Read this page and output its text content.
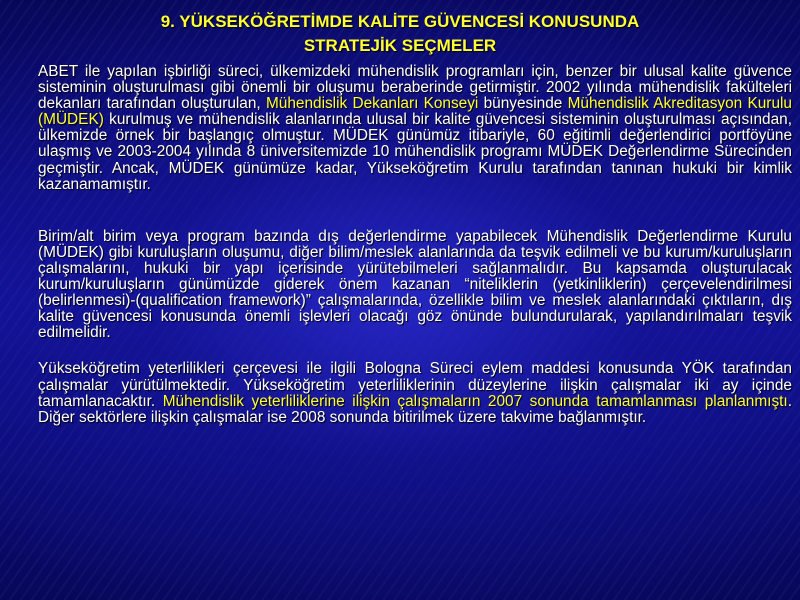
9. YÜKSEKÖĞRETİMDE KALİTE GÜVENCESİ KONUSUNDA
STRATEJİK SEÇMELER

ABET ile yapılan işbirliği süreci, ülkemizdeki mühendislik programları için, benzer bir ulusal kalite güvence sisteminin oluşturulması gibi önemli bir oluşumu beraberinde getirmiştir. 2002 yılında mühendislik fakülteleri dekanları tarafından oluşturulan, Mühendislik Dekanları Konseyi bünyesinde Mühendislik Akreditasyon Kurulu (MÜDEK) kurulmuş ve mühendislik alanlarında ulusal bir kalite güvencesi sisteminin oluşturulması açısından, ülkemizde örnek bir başlangıç olmuştur. MÜDEK günümüz itibariyle, 60 eğitimli değerlendirici portföyüne ulaşmış ve 2003-2004 yılında 8 üniversitemizde 10 mühendislik programı MÜDEK Değerlendirme Sürecinden geçmiştir. Ancak, MÜDEK günümüze kadar, Yükseköğretim Kurulu tarafından tanınan hukuki bir kimlik kazanamamıştır.

Birim/alt birim veya program bazında dış değerlendirme yapabilecek Mühendislik Değerlendirme Kurulu (MÜDEK) gibi kuruluşların oluşumu, diğer bilim/meslek alanlarında da teşvik edilmeli ve bu kurum/kuruluşların çalışmalarını, hukuki bir yapı içerisinde yürütebilmeleri sağlanmalıdır. Bu kapsamda oluşturulacak kurum/kuruluşların günümüzde giderek önem kazanan “niteliklerin (yetkinliklerin) çerçevelendirilmesi (belirlenmesi)-(qualification framework)” çalışmalarında, özellikle bilim ve meslek alanlarındaki çıktıların, dış kalite güvencesi konusunda önemli işlevleri olacağı göz önünde bulundurularak, yapılandırılmaları teşvik edilmelidir.

Yükseköğretim yeterlilikleri çerçevesi ile ilgili Bologna Süreci eylem maddesi konusunda YÖK tarafından çalışmalar yürütülmektedir. Yükseköğretim yeterliliklerinin düzeylerine ilişkin çalışmalar iki ay içinde tamamlanacaktır. Mühendislik yeterliliklerine ilişkin çalışmaların 2007 sonunda tamamlanması planlanmıştı. Diğer sektörlere ilişkin çalışmalar ise 2008 sonunda bitirilmek üzere takvime bağlanmıştır.
